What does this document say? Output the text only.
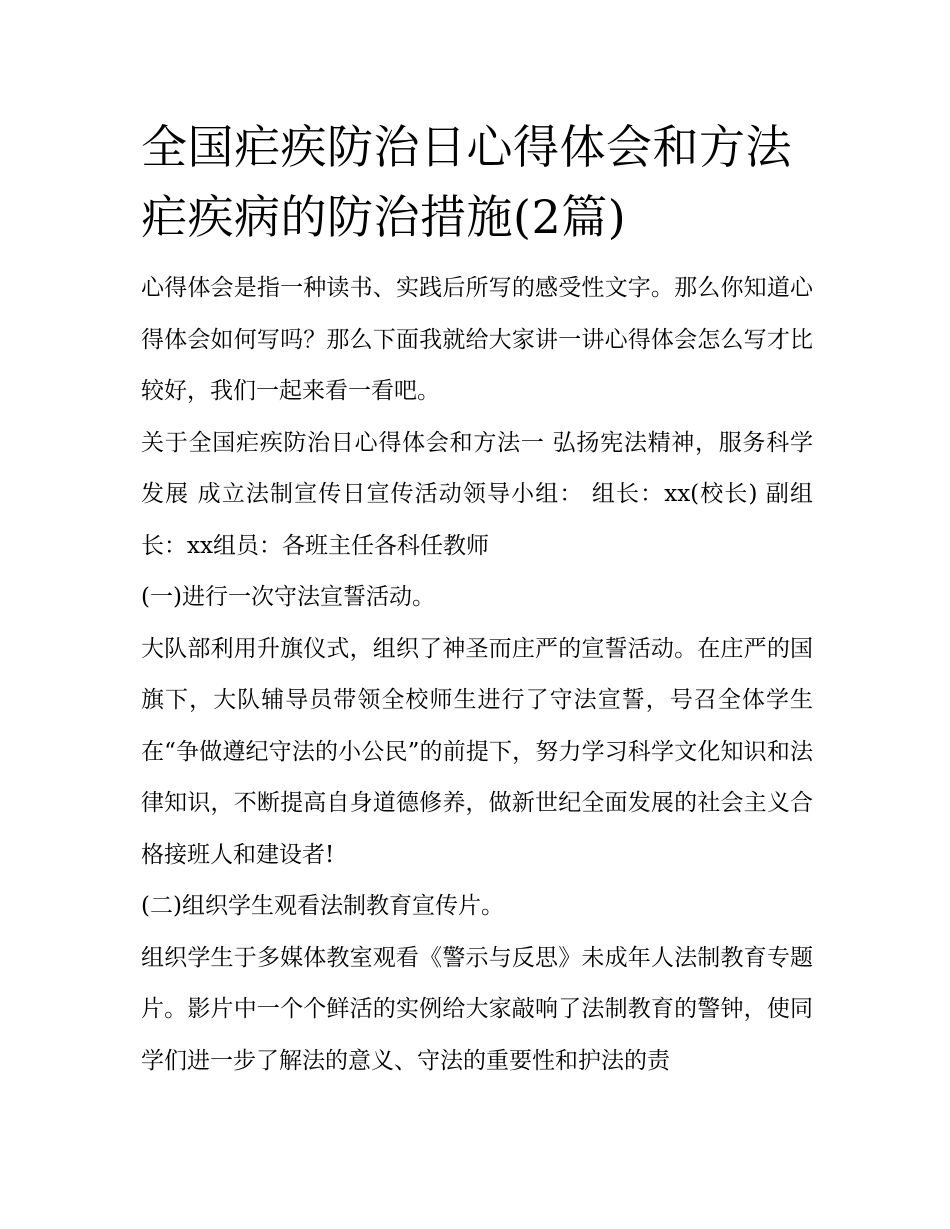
全国疟疾防治日心得体会和方法 疟疾病的防治措施(2篇)

心得体会是指一种读书、实践后所写的感受性文字。那么你知道心得体会如何写吗？那么下面我就给大家讲一讲心得体会怎么写才比较好，我们一起来看一看吧。

关于全国疟疾防治日心得体会和方法一 弘扬宪法精神，服务科学发展 成立法制宣传日宣传活动领导小组： 组长：xx(校长) 副组长：xx组员：各班主任各科任教师

(一)进行一次守法宣誓活动。

大队部利用升旗仪式，组织了神圣而庄严的宣誓活动。在庄严的国旗下，大队辅导员带领全校师生进行了守法宣誓，号召全体学生在“争做遵纪守法的小公民”的前提下，努力学习科学文化知识和法律知识，不断提高自身道德修养，做新世纪全面发展的社会主义合格接班人和建设者!

(二)组织学生观看法制教育宣传片。

组织学生于多媒体教室观看《警示与反思》未成年人法制教育专题片。影片中一个个鲜活的实例给大家敲响了法制教育的警钟，使同学们进一步了解法的意义、守法的重要性和护法的责
